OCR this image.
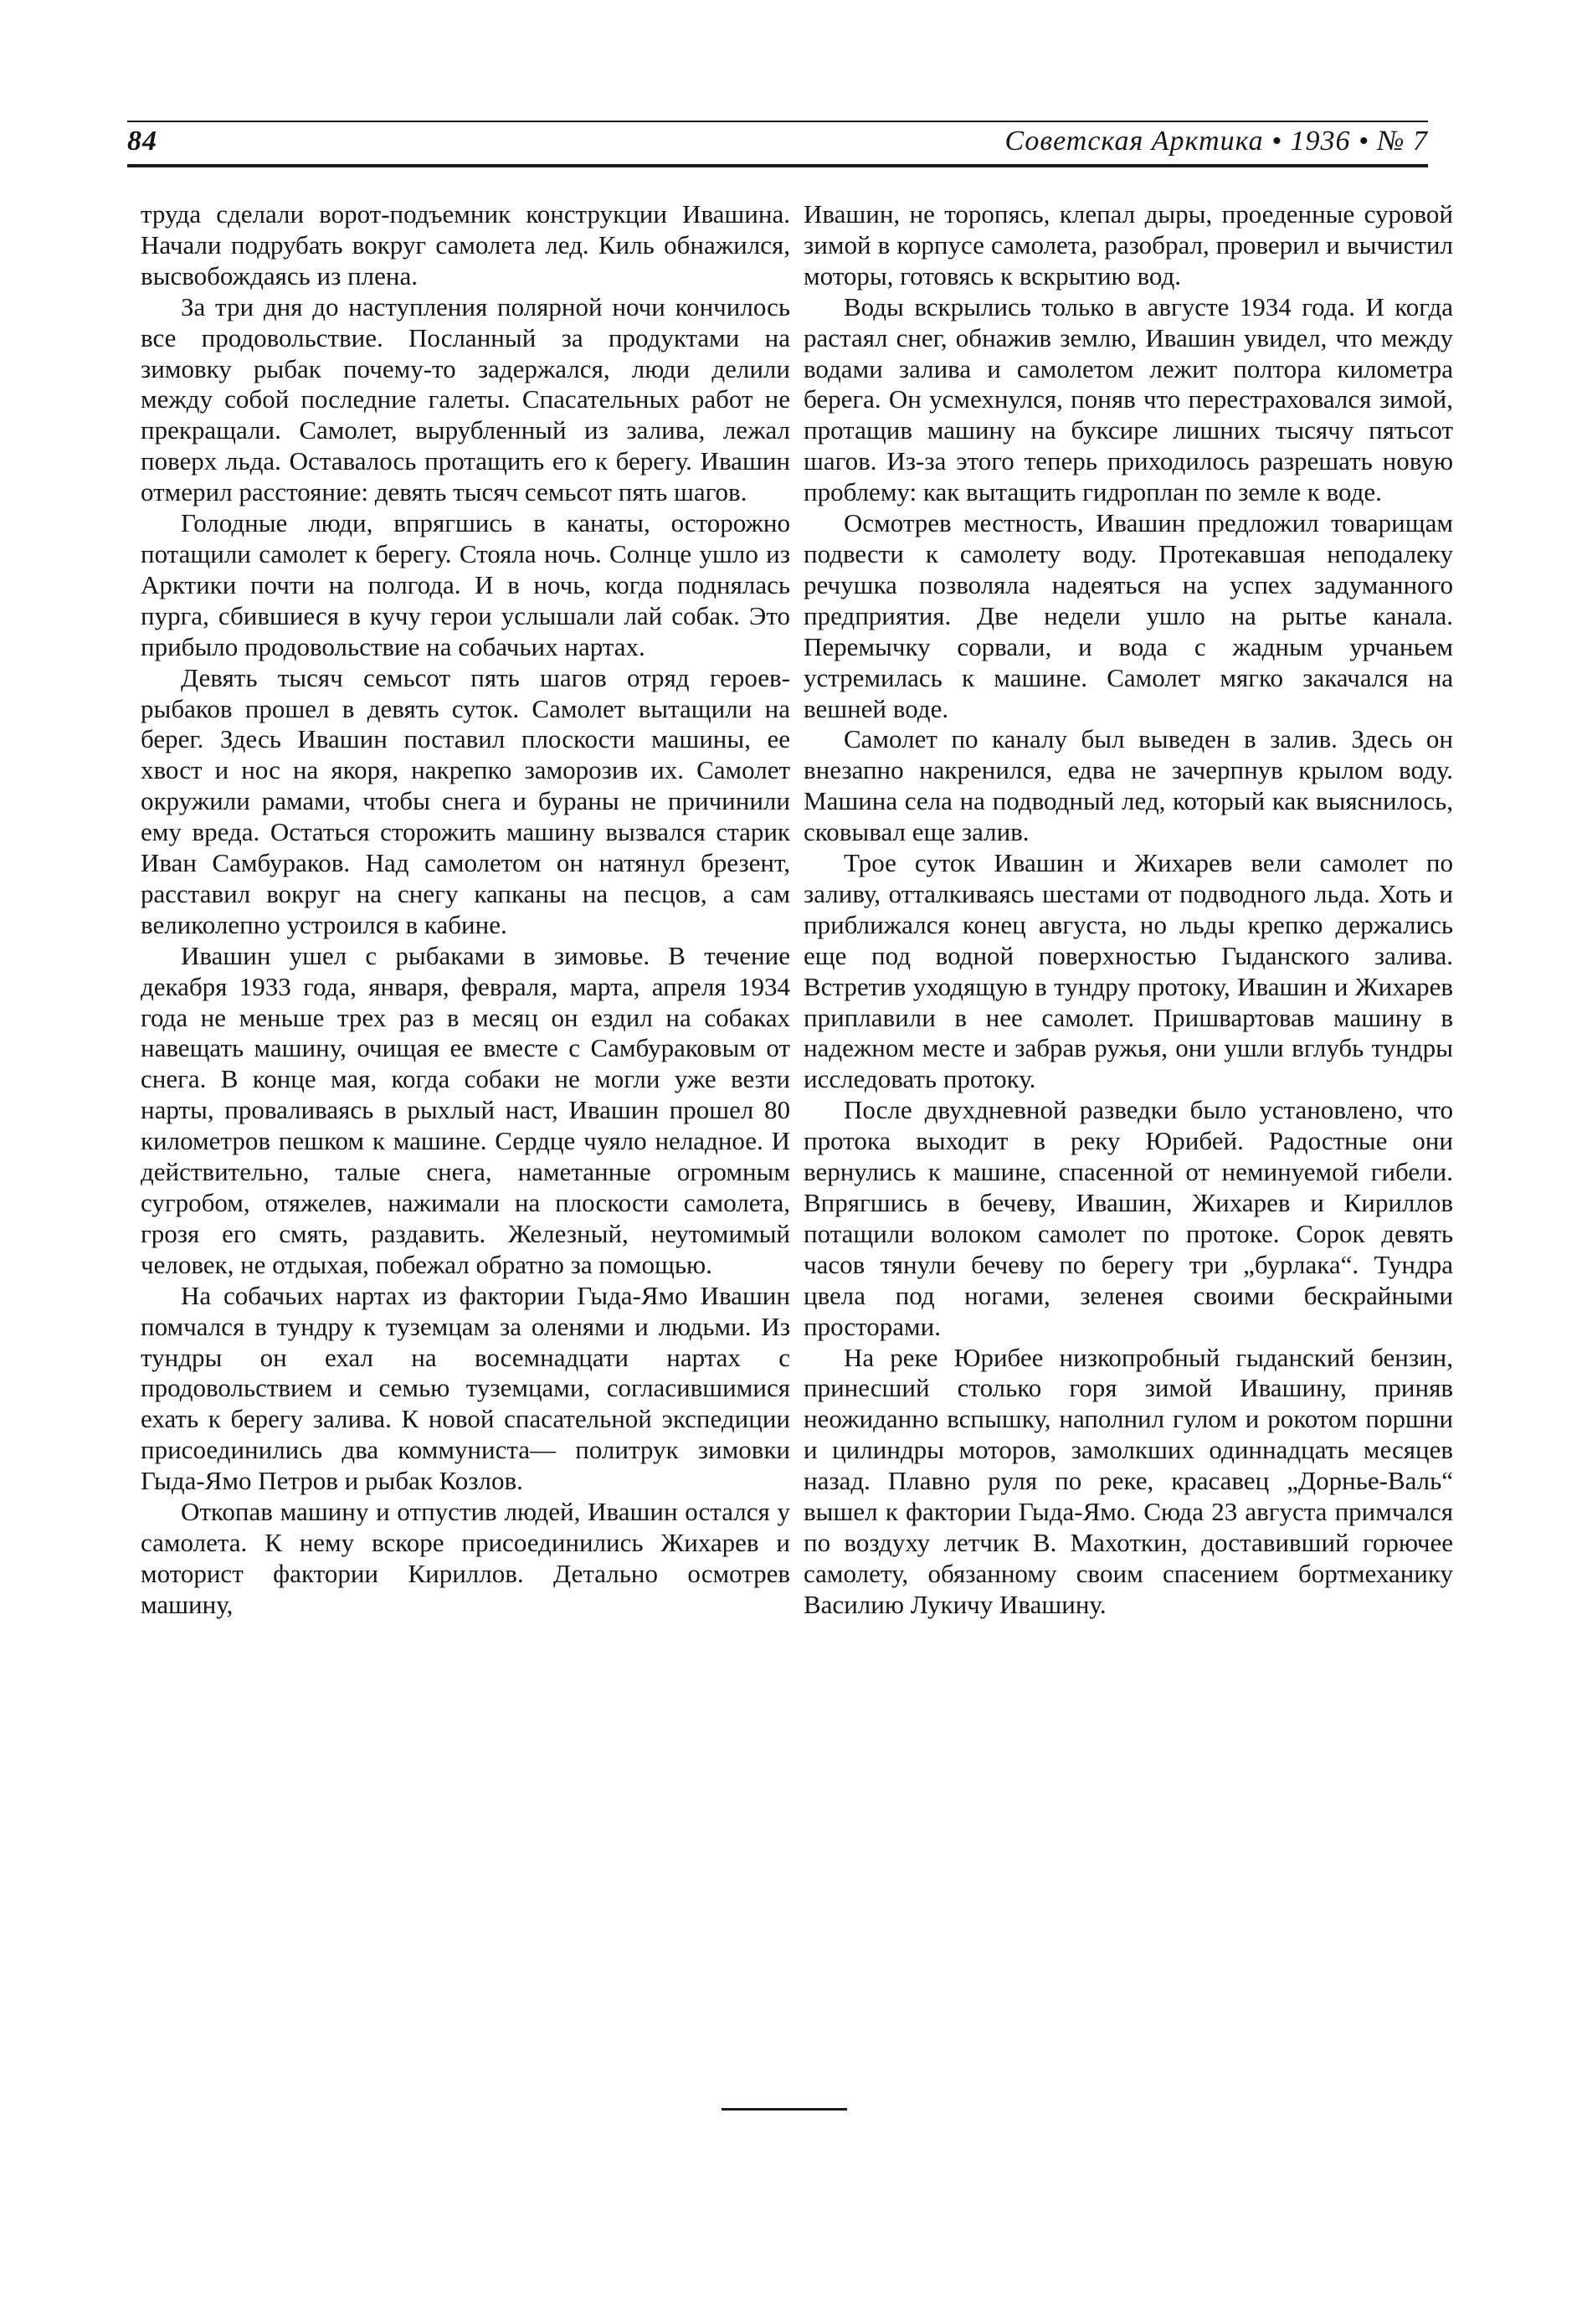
84	Советская Арктика • 1936 • № 7

труда сделали ворот-подъемник конструкции Ивашина. Начали подрубать вокруг самолета лед. Киль обнажился, высвобождаясь из плена.

За три дня до наступления полярной ночи кончилось все продовольствие. Посланный за продуктами на зимовку рыбак почему-то задержался, люди делили между собой последние галеты. Спасательных работ не прекращали. Самолет, вырубленный из залива, лежал поверх льда. Оставалось протащить его к берегу. Ивашин отмерил расстояние: девять тысяч семьсот пять шагов.

Голодные люди, впрягшись в канаты, осторожно потащили самолет к берегу. Стояла ночь. Солнце ушло из Арктики почти на полгода. И в ночь, когда поднялась пурга, сбившиеся в кучу герои услышали лай собак. Это прибыло продовольствие на собачьих нартах.

Девять тысяч семьсот пять шагов отряд героев-рыбаков прошел в девять суток. Самолет вытащили на берег. Здесь Ивашин поставил плоскости машины, ее хвост и нос на якоря, накрепко заморозив их. Самолет окружили рамами, чтобы снега и бураны не причинили ему вреда. Остаться сторожить машину вызвался старик Иван Самбураков. Над самолетом он натянул брезент, расставил вокруг на снегу капканы на песцов, а сам великолепно устроился в кабине.

Ивашин ушел с рыбаками в зимовье. В течение декабря 1933 года, января, февраля, марта, апреля 1934 года не меньше трех раз в месяц он ездил на собаках навещать машину, очищая ее вместе с Самбураковым от снега. В конце мая, когда собаки не могли уже везти нарты, проваливаясь в рыхлый наст, Ивашин прошел 80 километров пешком к машине. Сердце чуяло неладное. И действительно, талые снега, наметанные огромным сугробом, отяжелев, нажимали на плоскости самолета, грозя его смять, раздавить. Железный, неутомимый человек, не отдыхая, побежал обратно за помощью.

На собачьих нартах из фактории Гыда-Ямо Ивашин помчался в тундру к туземцам за оленями и людьми. Из тундры он ехал на восемнадцати нартах с продовольствием и семью туземцами, согласившимися ехать к берегу залива. К новой спасательной экспедиции присоединились два коммуниста— политрук зимовки Гыда-Ямо Петров и рыбак Козлов.

Откопав машину и отпустив людей, Ивашин остался у самолета. К нему вскоре присоединились Жихарев и моторист фактории Кириллов. Детально осмотрев машину,

Ивашин, не торопясь, клепал дыры, проеденные суровой зимой в корпусе самолета, разобрал, проверил и вычистил моторы, готовясь к вскрытию вод.

Воды вскрылись только в августе 1934 года. И когда растаял снег, обнажив землю, Ивашин увидел, что между водами залива и самолетом лежит полтора километра берега. Он усмехнулся, поняв что перестраховался зимой, протащив машину на буксире лишних тысячу пятьсот шагов. Из-за этого теперь приходилось разрешать новую проблему: как вытащить гидроплан по земле к воде.

Осмотрев местность, Ивашин предложил товарищам подвести к самолету воду. Протекавшая неподалеку речушка позволяла надеяться на успех задуманного предприятия. Две недели ушло на рытье канала. Перемычку сорвали, и вода с жадным урчаньем устремилась к машине. Самолет мягко закачался на вешней воде.

Самолет по каналу был выведен в залив. Здесь он внезапно накренился, едва не зачерпнув крылом воду. Машина села на подводный лед, который как выяснилось, сковывал еще залив.

Трое суток Ивашин и Жихарев вели самолет по заливу, отталкиваясь шестами от подводного льда. Хоть и приближался конец августа, но льды крепко держались еще под водной поверхностью Гыданского залива. Встретив уходящую в тундру протоку, Ивашин и Жихарев приплавили в нее самолет. Пришвартовав машину в надежном месте и забрав ружья, они ушли вглубь тундры исследовать протоку.

После двухдневной разведки было установлено, что протока выходит в реку Юрибей. Радостные они вернулись к машине, спасенной от неминуемой гибели. Впрягшись в бечеву, Ивашин, Жихарев и Кириллов потащили волоком самолет по протоке. Сорок девять часов тянули бечеву по берегу три „бурлака“. Тундра цвела под ногами, зеленея своими бескрайными просторами.

На реке Юрибее низкопробный гыданский бензин, принесший столько горя зимой Ивашину, приняв неожиданно вспышку, наполнил гулом и рокотом поршни и цилиндры моторов, замолкших одиннадцать месяцев назад. Плавно руля по реке, красавец „Дорнье-Валь“ вышел к фактории Гыда-Ямо. Сюда 23 августа примчался по воздуху летчик В. Махоткин, доставивший горючее самолету, обязанному своим спасением бортмеханику Василию Лукичу Ивашину.
